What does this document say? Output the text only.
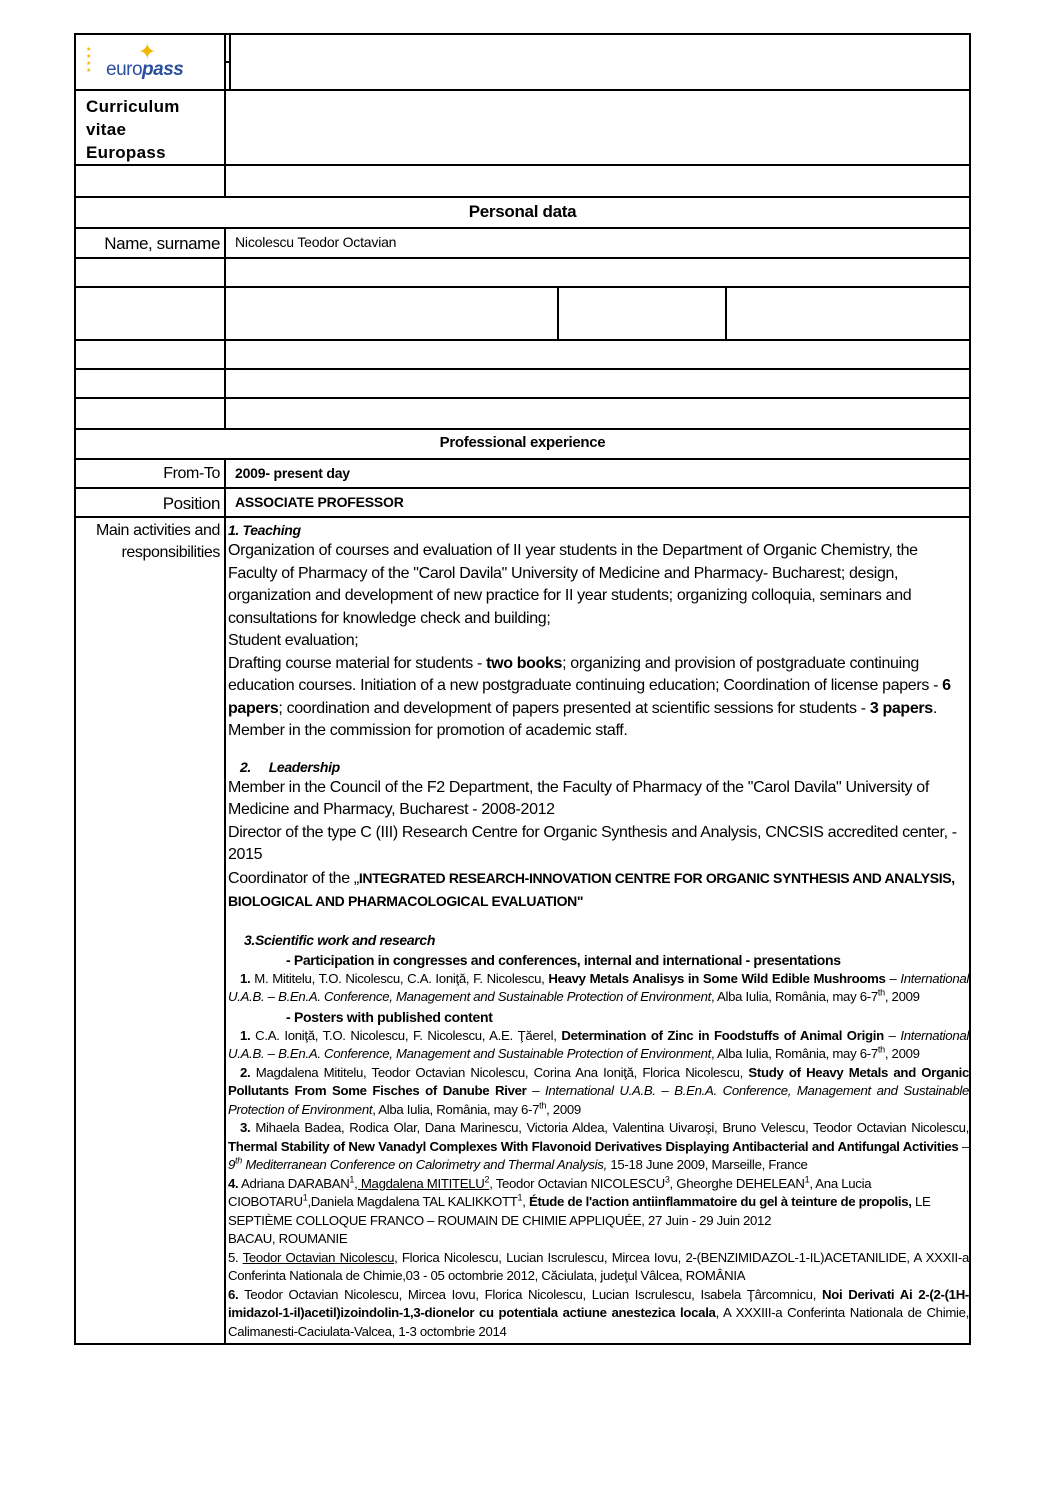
★
★
★
★
✦
europass

Curriculum
vitae
Europass			

Personal data			
Name, surname	Nicolescu Teodor Octavian		

Professional experience			
From-To	2009- present day		
Position	ASSOCIATE PROFESSOR		

Main activities and
responsibilities

1. Teaching

Organization of courses and evaluation of II year students in the Department of Organic Chemistry, the Faculty of Pharmacy of the "Carol Davila" University of Medicine and Pharmacy- Bucharest; design, organization and development of new practice for II year students; organizing colloquia, seminars and consultations for knowledge check and building;

Student evaluation;

Drafting course material for students - two books; organizing and provision of postgraduate continuing education courses. Initiation of a new postgraduate continuing education; Coordination of license papers - 6 papers; coordination and development of papers presented at scientific sessions for students - 3 papers.

Member in the commission for promotion of academic staff.

2. Leadership

Member in the Council of the F2 Department, the Faculty of Pharmacy of the "Carol Davila" University of Medicine and Pharmacy, Bucharest - 2008-2012

Director of the type C (III) Research Centre for Organic Synthesis and Analysis, CNCSIS accredited center, - 2015

Coordinator of the „INTEGRATED RESEARCH-INNOVATION CENTRE FOR ORGANIC SYNTHESIS AND ANALYSIS, BIOLOGICAL AND PHARMACOLOGICAL EVALUATION"

3.Scientific work and research

- Participation in congresses and conferences, internal and international - presentations

1. M. Mititelu, T.O. Nicolescu, C.A. Ioniţă, F. Nicolescu, Heavy Metals Analisys in Some Wild Edible Mushrooms – International U.A.B. – B.En.A. Conference, Management and Sustainable Protection of Environment, Alba Iulia, România, may 6-7th, 2009

- Posters with published content

1. C.A. Ioniţă, T.O. Nicolescu, F. Nicolescu, A.E. Ţăerel, Determination of Zinc in Foodstuffs of Animal Origin – International U.A.B. – B.En.A. Conference, Management and Sustainable Protection of Environment, Alba Iulia, România, may 6-7th, 2009

2. Magdalena Mititelu, Teodor Octavian Nicolescu, Corina Ana Ioniţă, Florica Nicolescu, Study of Heavy Metals and Organic Pollutants From Some Fisches of Danube River – International U.A.B. – B.En.A. Conference, Management and Sustainable Protection of Environment, Alba Iulia, România, may 6-7th, 2009

3. Mihaela Badea, Rodica Olar, Dana Marinescu, Victoria Aldea, Valentina Uivaroşi, Bruno Velescu, Teodor Octavian Nicolescu, Thermal Stability of New Vanadyl Complexes With Flavonoid Derivatives Displaying Antibacterial and Antifungal Activities – 9th Mediterranean Conference on Calorimetry and Thermal Analysis, 15-18 June 2009, Marseille, France

4. Adriana DARABAN$^1$, Magdalena MITITELU$^2$, Teodor Octavian NICOLESCU$^3$, Gheorghe DEHELEAN$^1$, Ana Lucia CIOBOTARU$^1$,Daniela Magdalena TAL KALIKKOTT$^1$, Étude de l'action antiinflammatoire du gel à teinture de propolis, LE SEPTIÈME COLLOQUE FRANCO – ROUMAIN DE CHIMIE APPLIQUÉE, 27 Juin - 29 Juin 2012
BACAU, ROUMANIE

5. Teodor Octavian Nicolescu, Florica Nicolescu, Lucian Iscrulescu, Mircea Iovu, 2-(BENZIMIDAZOL-1-IL)ACETANILIDE, A XXXII-a Conferinta Nationala de Chimie,03 - 05 octombrie 2012, Căciulata, judeţul Vâlcea, ROMÂNIA

6. Teodor Octavian Nicolescu, Mircea Iovu, Florica Nicolescu, Lucian Iscrulescu, Isabela Ţârcomnicu, Noi Derivati Ai 2-(2-(1H-imidazol-1-il)acetil)izoindolin-1,3-dionelor cu potentiala actiune anestezica locala, A XXXIII-a Conferinta Nationala de Chimie, Calimanesti-Caciulata-Valcea, 1-3 octombrie 2014
